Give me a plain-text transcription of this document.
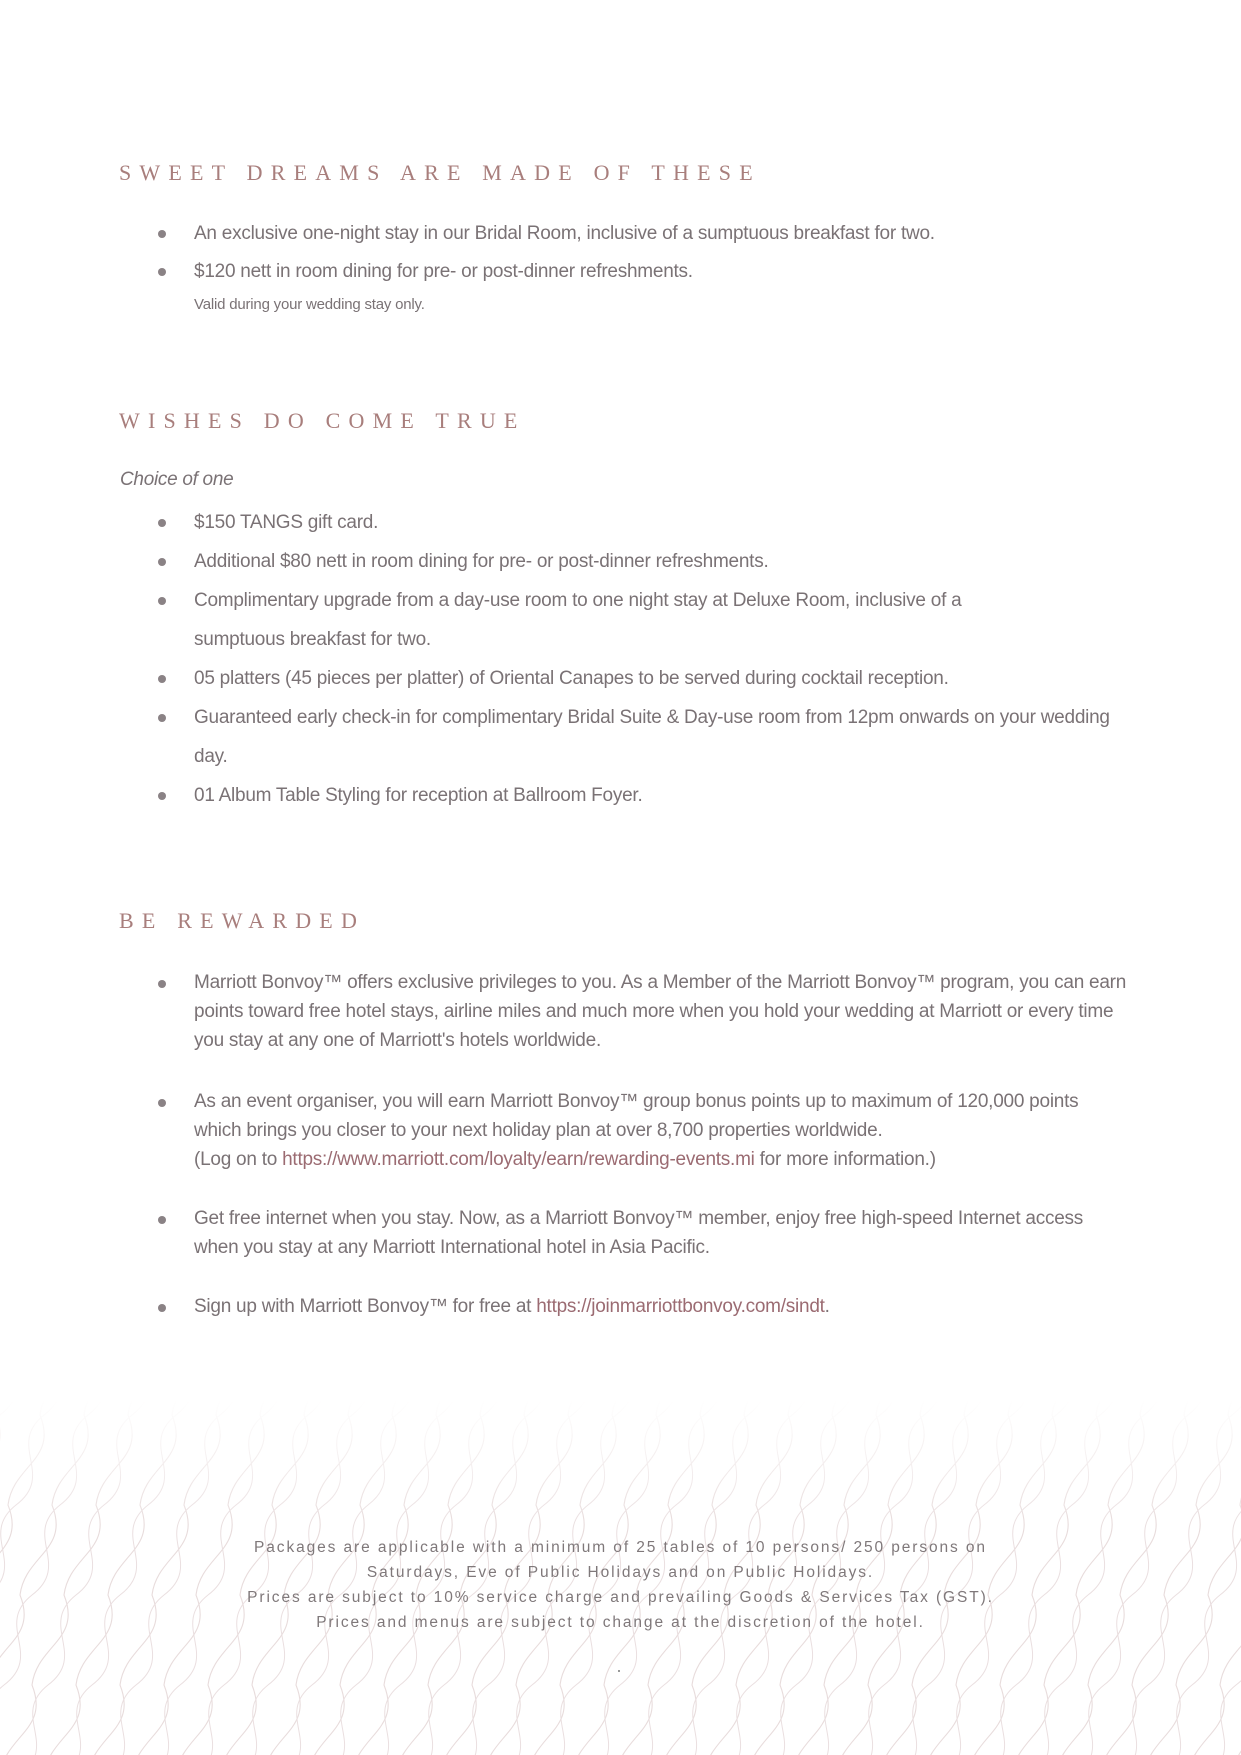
SWEET DREAMS ARE MADE OF THESE
An exclusive one-night stay in our Bridal Room, inclusive of a sumptuous breakfast for two.
$120 nett in room dining for pre- or post-dinner refreshments.
Valid during your wedding stay only.
WISHES DO COME TRUE
Choice of one
$150 TANGS gift card.
Additional $80 nett in room dining for pre- or post-dinner refreshments.
Complimentary upgrade from a day-use room to one night stay at Deluxe Room, inclusive of a sumptuous breakfast for two.
05 platters (45 pieces per platter) of Oriental Canapes to be served during cocktail reception.
Guaranteed early check-in for complimentary Bridal Suite & Day-use room from 12pm onwards on your wedding day.
01 Album Table Styling for reception at Ballroom Foyer.
BE REWARDED
Marriott Bonvoy™ offers exclusive privileges to you. As a Member of the Marriott Bonvoy™ program, you can earn points toward free hotel stays, airline miles and much more when you hold your wedding at Marriott or every time you stay at any one of Marriott's hotels worldwide.
As an event organiser, you will earn Marriott Bonvoy™ group bonus points up to maximum of 120,000 points which brings you closer to your next holiday plan at over 8,700 properties worldwide.
(Log on to https://www.marriott.com/loyalty/earn/rewarding-events.mi for more information.)
Get free internet when you stay. Now, as a Marriott Bonvoy™ member, enjoy free high-speed Internet access when you stay at any Marriott International hotel in Asia Pacific.
Sign up with Marriott Bonvoy™ for free at https://joinmarriottbonvoy.com/sindt.
Packages are applicable with a minimum of 25 tables of 10 persons/ 250 persons on
Saturdays, Eve of Public Holidays and on Public Holidays.
Prices are subject to 10% service charge and prevailing Goods & Services Tax (GST).
Prices and menus are subject to change at the discretion of the hotel.
